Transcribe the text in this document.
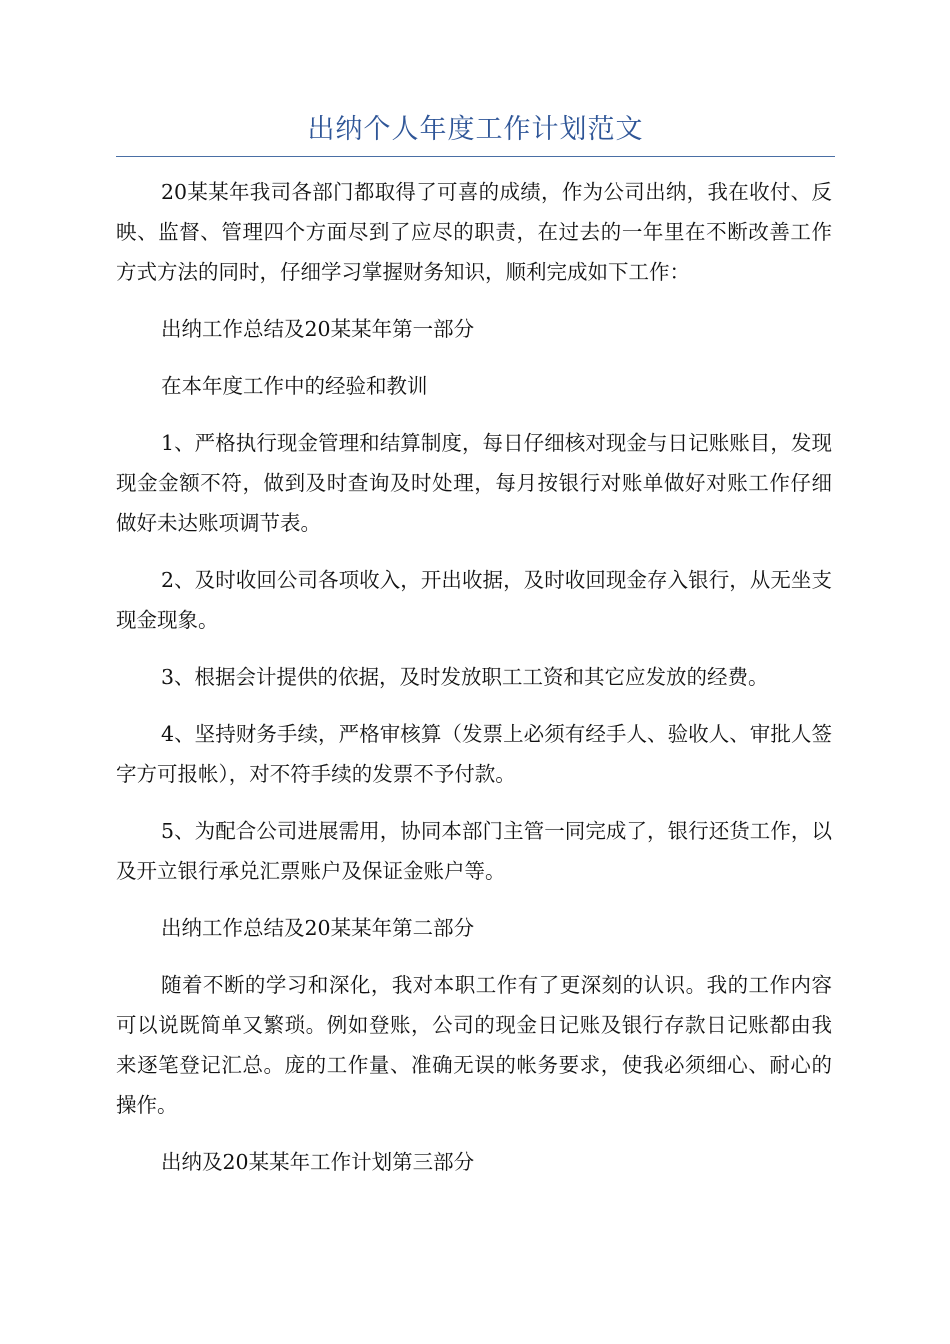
出纳个人年度工作计划范文

20某某年我司各部门都取得了可喜的成绩，作为公司出纳，我在收付、反映、监督、管理四个方面尽到了应尽的职责，在过去的一年里在不断改善工作方式方法的同时，仔细学习掌握财务知识，顺利完成如下工作：

出纳工作总结及20某某年第一部分

在本年度工作中的经验和教训

1、严格执行现金管理和结算制度，每日仔细核对现金与日记账账目，发现现金金额不符，做到及时查询及时处理，每月按银行对账单做好对账工作仔细做好未达账项调节表。

2、及时收回公司各项收入，开出收据，及时收回现金存入银行，从无坐支现金现象。

3、根据会计提供的依据，及时发放职工工资和其它应发放的经费。

4、坚持财务手续，严格审核算（发票上必须有经手人、验收人、审批人签字方可报帐），对不符手续的发票不予付款。

5、为配合公司进展需用，协同本部门主管一同完成了，银行还货工作，以及开立银行承兑汇票账户及保证金账户等。

出纳工作总结及20某某年第二部分

随着不断的学习和深化，我对本职工作有了更深刻的认识。我的工作内容可以说既简单又繁琐。例如登账，公司的现金日记账及银行存款日记账都由我来逐笔登记汇总。庞的工作量、准确无误的帐务要求，使我必须细心、耐心的操作。

出纳及20某某年工作计划第三部分
